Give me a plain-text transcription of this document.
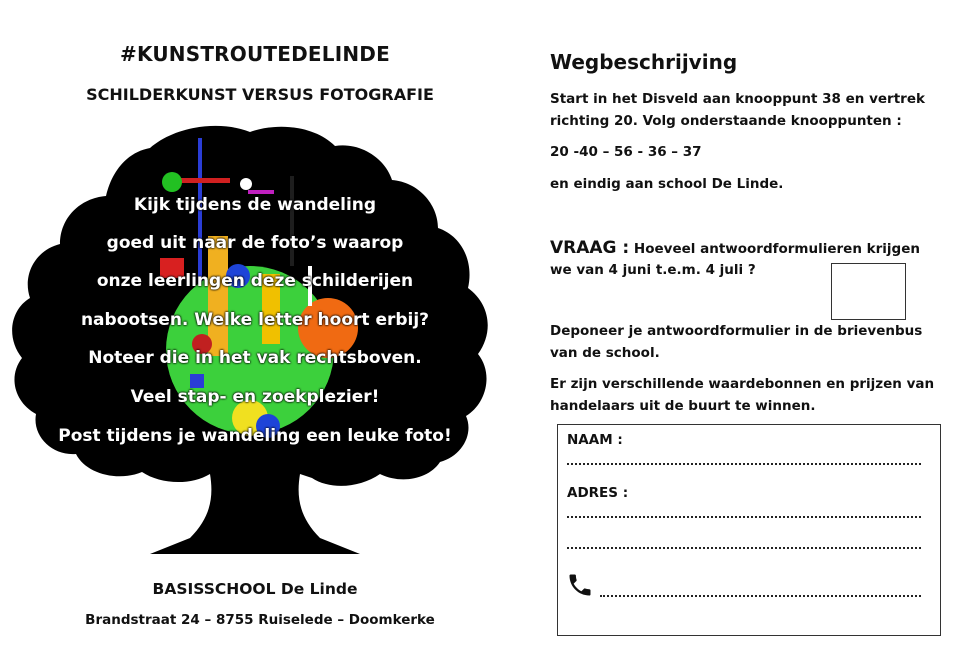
#KUNSTROUTEDELINDE
SCHILDERKUNST VERSUS FOTOGRAFIE
Kijk tijdens de wandeling
goed uit naar de foto’s waarop
onze leerlingen deze schilderijen
nabootsen. Welke letter hoort erbij?
Noteer die in het vak rechtsboven.
Veel stap- en zoekplezier!
Post tijdens je wandeling een leuke foto!
BASISSCHOOL De Linde
Brandstraat 24 – 8755 Ruiselede – Doomkerke
Wegbeschrijving
Start in het Disveld aan knooppunt 38 en vertrek
richting 20. Volg onderstaande knooppunten :
20 -40 – 56 - 36 – 37
en eindig aan school De Linde.
VRAAG : Hoeveel antwoordformulieren krijgen
we van 4 juni t.e.m. 4 juli ?
Deponeer je antwoordformulier in de brievenbus
van de school.
Er zijn verschillende waardebonnen en prijzen van
handelaars uit de buurt te winnen.
NAAM :
ADRES :
